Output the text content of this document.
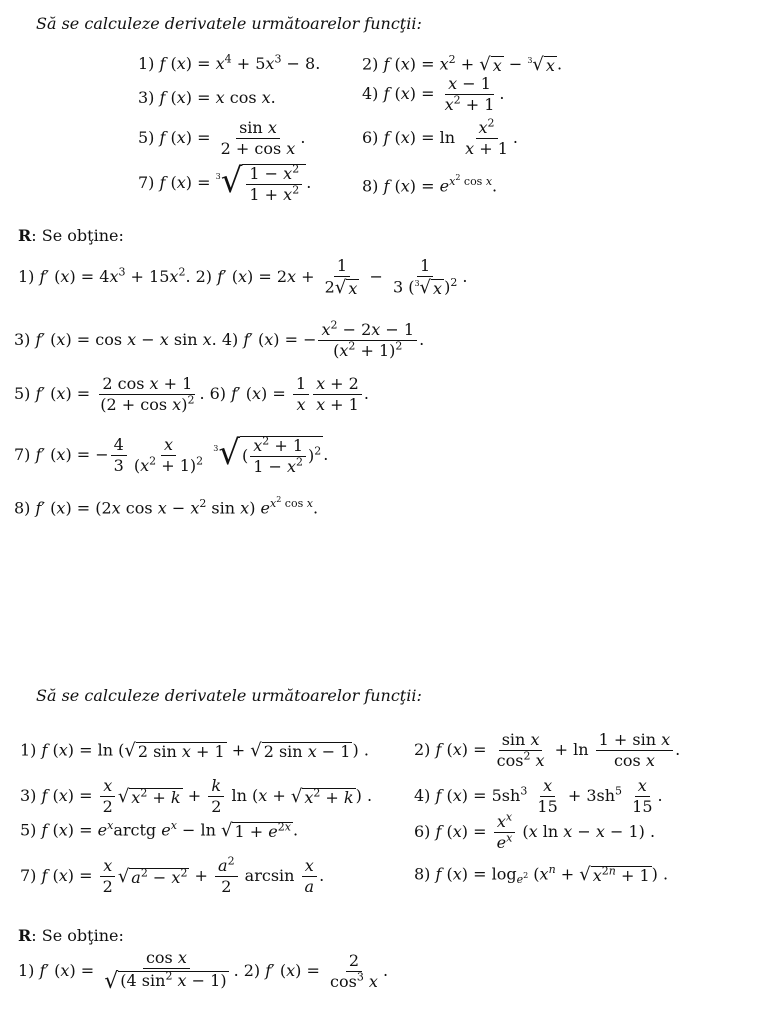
Să se calculeze derivatele următoarelor funcţii:
1) f $(x) = x^4 + 5x^3 - 8$.	2) f $(x) = x^2$ + √ x − $^3$√ x .
3) f (x) = x cos x.	4) f $(x) = \frac{x - 1}{x^2 + 1}$ .
5) f $(x) = \frac{\text{sin x}}{\text{2 + cos x}}$ .	6) f $(x) = \ln \frac{x^2}{x + 1}$ .
7) f $(x) = ^3√ \frac{1 - x^2}{1 + x^2}$ .	8) f $(x) = e^{x^2 cos x}$.
R: Se obţine:
1) f′ $(x) = 4x^3 + 15x^2$. 2) f′ $(x) = 2x + \frac{1}{2 √ x} - \frac{1}{3 ( ^3√ x )^2}$ .
3) f′ (x) = cos x − x sin x. 4) f′ (x) = − $\frac{x^2 - 2x - 1}{(x^2 + 1)^2}$ .
5) f′ $(x) = \frac{\text{2 cos x + 1}}{(2 + \cos x)^2}$ . 6) f′ $(x) = \frac{1}{x} \frac{x + 2}{x + 1}$ .
7) f′ (x) = − $\frac{4}{3} \frac{x}{(x^2 + 1)^2}$
$^3$√ ( $\frac{x^2 + 1}{1 - x^2} )^2$ .
8) f′ (x) = (2x $\cos x - x^2$ sin x) $e^{x^2 cos x}$.
Să se calculeze derivatele următoarelor funcţii:
1) f (x) = ln ( √ 2 sin x + 1 + √ 2 sin x − 1 ) .	2) f $(x) = \frac{\text{sin x}}{\cos^2 x} + \ln \frac{\text{1 + sin x}}{\text{cos x}}$ .
3) f $(x) = \frac{x}{2}$ √ $x^2 + k + \frac{k}{2}$ ln (x + √ $x^2 + k$ ) .	4) f $(x) = 5sh^3 \frac{x}{15} + 3sh^5 \frac{x}{15}$ .
5) f $(x) = e^xarctg$ $e^x - \ln$ √ $1 + e^{2x}$ .	6) f $(x) = \frac{x^x}{e^x} (x$ ln x − x − 1) .
7) f $(x) = \frac{x}{2}$ √ $a^2 - x^2 + \frac{a^2}{2}$ $\arcsin \frac{x}{a}$ .	8) f $(x) = \log_{e^2} (x^n$ + √ $x^{2n} + 1$ ) .
R: Se obţine:
1) f′ $(x) = \frac{\text{cos x}}{√ (4 \sin^2 x - 1)}$ . 2) f′ $(x) = \frac{2}{\cos^3 x}$ .
